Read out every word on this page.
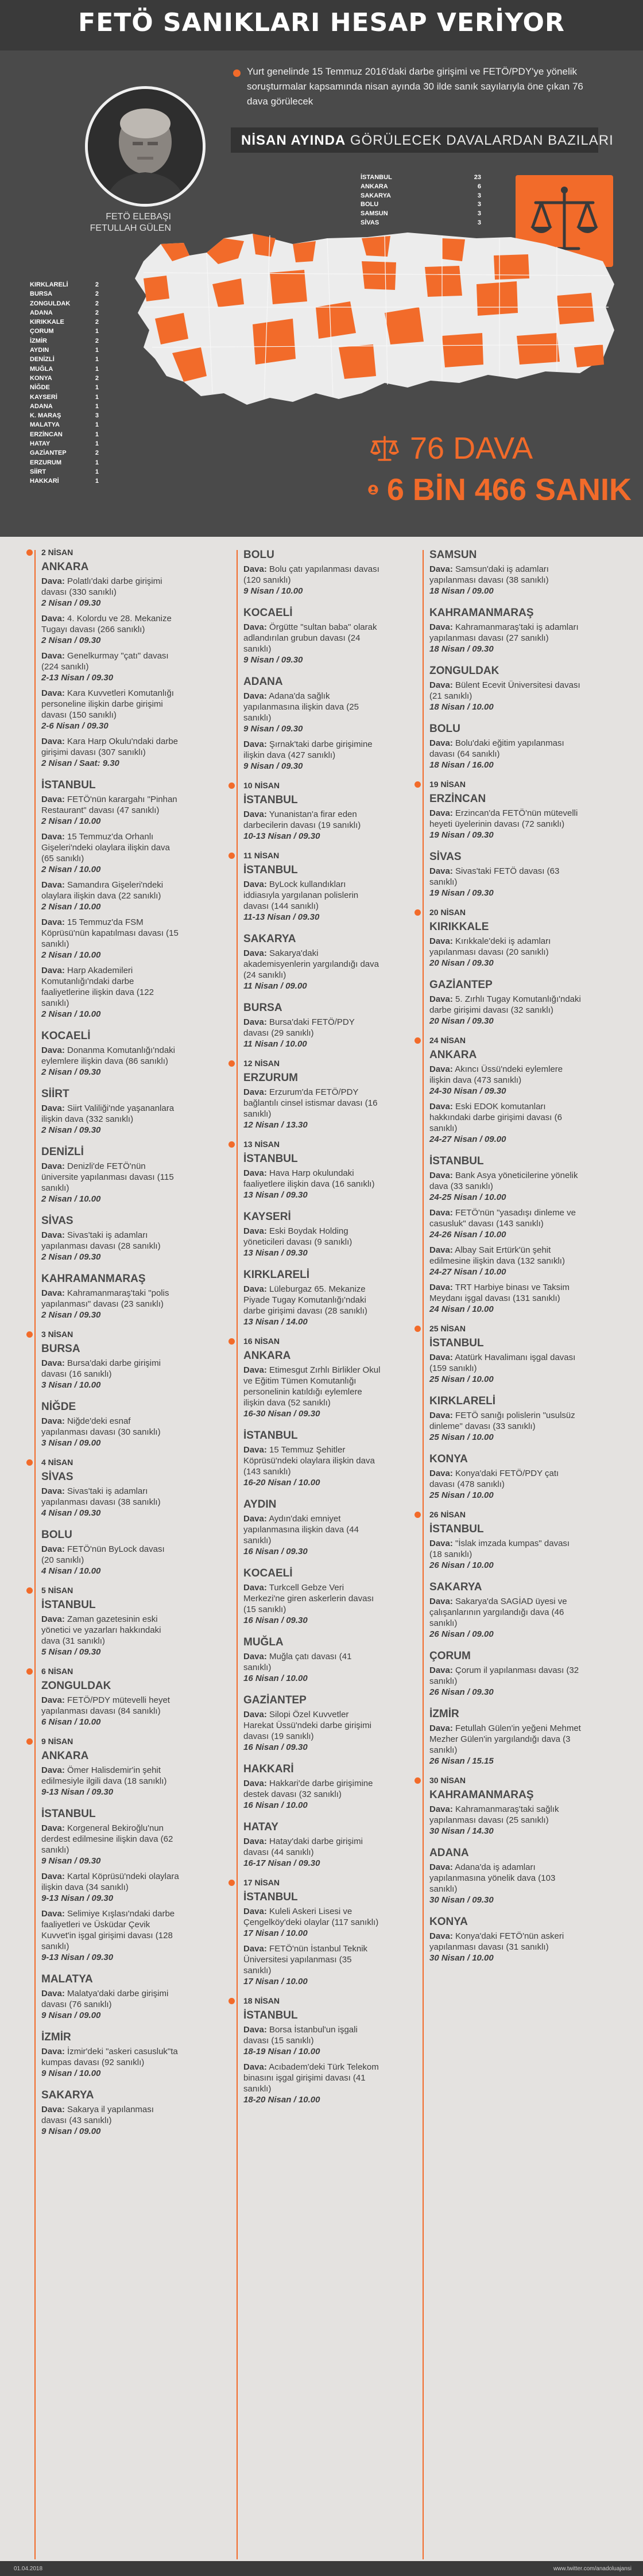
FETÖ SANIKLARI HESAP VERİYOR
FETÖ ELEBAŞI
FETULLAH GÜLEN
Yurt genelinde 15 Temmuz 2016'daki darbe girişimi ve FETÖ/PDY'ye yönelik soruşturmalar kapsamında nisan ayında 30 ilde sanık sayılarıyla öne çıkan 76 dava görülecek
NİSAN AYINDA GÖRÜLECEK DAVALARDAN BAZILARI
İSTANBUL	23
ANKARA	6
SAKARYA	3
BOLU	3
SAMSUN	3
SİVAS	3
KIRKLARELİ	2
BURSA	2
ZONGULDAK	2
ADANA	2
KIRIKKALE	2
ÇORUM	1
İZMİR	2
AYDIN	1
DENİZLİ	1
MUĞLA	1
KONYA	2
NİĞDE	1
KAYSERİ	1
ADANA	1
K. MARAŞ	3
MALATYA	1
ERZİNCAN	1
HATAY	1
GAZİANTEP	2
ERZURUM	1
SİİRT	1
HAKKARİ	1
76 DAVA
6 BİN 466 SANIK
2 NİSAN
ANKARA
Dava: Polatlı'daki darbe girişimi davası (330 sanıklı)
2 Nisan / 09.30
Dava: 4. Kolordu ve 28. Mekanize Tugayı davası (266 sanıklı)
2 Nisan / 09.30
Dava: Genelkurmay "çatı" davası (224 sanıklı)
2-13 Nisan / 09.30
Dava: Kara Kuvvetleri Komutanlığı personeline ilişkin darbe girişimi davası (150 sanıklı)
2-6 Nisan / 09.30
Dava: Kara Harp Okulu'ndaki darbe girişimi davası (307 sanıklı)
2 Nisan / Saat: 9.30
İSTANBUL
Dava: FETÖ'nün karargahı "Pinhan Restaurant" davası (47 sanıklı)
2 Nisan / 10.00
Dava: 15 Temmuz'da Orhanlı Gişeleri'ndeki olaylara ilişkin dava (65 sanıklı)
2 Nisan / 10.00
Dava: Samandıra Gişeleri'ndeki olaylara ilişkin dava (22 sanıklı)
2 Nisan / 10.00
Dava: 15 Temmuz'da FSM Köprüsü'nün kapatılması davası (15 sanıklı)
2 Nisan / 10.00
Dava: Harp Akademileri Komutanlığı'ndaki darbe faaliyetlerine ilişkin dava (122 sanıklı)
2 Nisan / 10.00
KOCAELİ
Dava: Donanma Komutanlığı'ndaki eylemlere ilişkin dava (86 sanıklı)
2 Nisan / 09.30
SİİRT
Dava: Siirt Valiliği'nde yaşananlara ilişkin dava (332 sanıklı)
2 Nisan / 09.30
DENİZLİ
Dava: Denizli'de FETÖ'nün üniversite yapılanması davası (115 sanıklı)
2 Nisan / 10.00
SİVAS
Dava: Sivas'taki iş adamları yapılanması davası (28 sanıklı)
2 Nisan / 09.30
KAHRAMANMARAŞ
Dava: Kahramanmaraş'taki "polis yapılanması" davası (23 sanıklı)
2 Nisan / 09.30
3 NİSAN
BURSA
Dava: Bursa'daki darbe girişimi davası (16 sanıklı)
3 Nisan / 10.00
NİĞDE
Dava: Niğde'deki esnaf yapılanması davası (30 sanıklı)
3 Nisan / 09.00
4 NİSAN
SİVAS
Dava: Sivas'taki iş adamları yapılanması davası (38 sanıklı)
4 Nisan / 09.30
BOLU
Dava: FETÖ'nün ByLock davası (20 sanıklı)
4 Nisan / 10.00
5 NİSAN
İSTANBUL
Dava: Zaman gazetesinin eski yönetici ve yazarları hakkındaki dava (31 sanıklı)
5 Nisan / 09.30
6 NİSAN
ZONGULDAK
Dava: FETÖ/PDY mütevelli heyet yapılanması davası (84 sanıklı)
6 Nisan / 10.00
9 NİSAN
ANKARA
Dava: Ömer Halisdemir'in şehit edilmesiyle ilgili dava (18 sanıklı)
9-13 Nisan / 09.30
İSTANBUL
Dava: Korgeneral Bekiroğlu'nun derdest edilmesine ilişkin dava (62 sanıklı)
9 Nisan / 09.30
Dava: Kartal Köprüsü'ndeki olaylara ilişkin dava (34 sanıklı)
9-13 Nisan / 09.30
Dava: Selimiye Kışlası'ndaki darbe faaliyetleri ve Üsküdar Çevik Kuvvet'in işgal girişimi davası (128 sanıklı)
9-13 Nisan / 09.30
MALATYA
Dava: Malatya'daki darbe girişimi davası (76 sanıklı)
9 Nisan / 09.00
İZMİR
Dava: İzmir'deki "askeri casusluk"ta kumpas davası (92 sanıklı)
9 Nisan / 10.00
SAKARYA
Dava: Sakarya il yapılanması davası (43 sanıklı)
9 Nisan / 09.00
BOLU
Dava: Bolu çatı yapılanması davası (120 sanıklı)
9 Nisan / 10.00
KOCAELİ
Dava: Örgütte "sultan baba" olarak adlandırılan grubun davası (24 sanıklı)
9 Nisan / 09.30
ADANA
Dava: Adana'da sağlık yapılanmasına ilişkin dava (25 sanıklı)
9 Nisan / 09.30
Dava: Şırnak'taki darbe girişimine ilişkin dava (427 sanıklı)
9 Nisan / 09.30
10 NİSAN
İSTANBUL
Dava: Yunanistan'a firar eden darbecilerin davası (19 sanıklı)
10-13 Nisan / 09.30
11 NİSAN
İSTANBUL
Dava: ByLock kullandıkları iddiasıyla yargılanan polislerin davası (144 sanıklı)
11-13 Nisan / 09.30
SAKARYA
Dava: Sakarya'daki akademisyenlerin yargılandığı dava (24 sanıklı)
11 Nisan / 09.00
BURSA
Dava: Bursa'daki FETÖ/PDY davası (29 sanıklı)
11 Nisan / 10.00
12 NİSAN
ERZURUM
Dava: Erzurum'da FETÖ/PDY bağlantılı cinsel istismar davası (16 sanıklı)
12 Nisan / 13.30
13 NİSAN
İSTANBUL
Dava: Hava Harp okulundaki faaliyetlere ilişkin dava (16 sanıklı)
13 Nisan / 09.30
KAYSERİ
Dava: Eski Boydak Holding yöneticileri davası (9 sanıklı)
13 Nisan / 09.30
KIRKLARELİ
Dava: Lüleburgaz 65. Mekanize Piyade Tugay Komutanlığı'ndaki darbe girişimi davası (28 sanıklı)
13 Nisan / 14.00
16 NİSAN
ANKARA
Dava: Etimesgut Zırhlı Birlikler Okul ve Eğitim Tümen Komutanlığı personelinin katıldığı eylemlere ilişkin dava (52 sanıklı)
16-30 Nisan / 09.30
İSTANBUL
Dava: 15 Temmuz Şehitler Köprüsü'ndeki olaylara ilişkin dava (143 sanıklı)
16-20 Nisan / 10.00
AYDIN
Dava: Aydın'daki emniyet yapılanmasına ilişkin dava (44 sanıklı)
16 Nisan / 09.30
KOCAELİ
Dava: Turkcell Gebze Veri Merkezi'ne giren askerlerin davası (15 sanıklı)
16 Nisan / 09.30
MUĞLA
Dava: Muğla çatı davası (41 sanıklı)
16 Nisan / 10.00
GAZİANTEP
Dava: Silopi Özel Kuvvetler Harekat Üssü'ndeki darbe girişimi davası (19 sanıklı)
16 Nisan / 09.30
HAKKARİ
Dava: Hakkari'de darbe girişimine destek davası (32 sanıklı)
16 Nisan / 10.00
HATAY
Dava: Hatay'daki darbe girişimi davası (44 sanıklı)
16-17 Nisan / 09.30
17 NİSAN
İSTANBUL
Dava: Kuleli Askeri Lisesi ve Çengelköy'deki olaylar (117 sanıklı)
17 Nisan / 10.00
Dava: FETÖ'nün İstanbul Teknik Üniversitesi yapılanması (35 sanıklı)
17 Nisan / 10.00
18 NİSAN
İSTANBUL
Dava: Borsa İstanbul'un işgali davası (15 sanıklı)
18-19 Nisan / 10.00
Dava: Acıbadem'deki Türk Telekom binasını işgal girişimi davası (41 sanıklı)
18-20 Nisan / 10.00
SAMSUN
Dava: Samsun'daki iş adamları yapılanması davası (38 sanıklı)
18 Nisan / 09.00
KAHRAMANMARAŞ
Dava: Kahramanmaraş'taki iş adamları yapılanması davası (27 sanıklı)
18 Nisan / 09.30
ZONGULDAK
Dava: Bülent Ecevit Üniversitesi davası (21 sanıklı)
18 Nisan / 10.00
BOLU
Dava: Bolu'daki eğitim yapılanması davası (64 sanıklı)
18 Nisan / 16.00
19 NİSAN
ERZİNCAN
Dava: Erzincan'da FETÖ'nün mütevelli heyeti üyelerinin davası (72 sanıklı)
19 Nisan / 09.30
SİVAS
Dava: Sivas'taki FETÖ davası (63 sanıklı)
19 Nisan / 09.30
20 NİSAN
KIRIKKALE
Dava: Kırıkkale'deki iş adamları yapılanması davası (20 sanıklı)
20 Nisan / 09.30
GAZİANTEP
Dava: 5. Zırhlı Tugay Komutanlığı'ndaki darbe girişimi davası (32 sanıklı)
20 Nisan / 09.30
24 NİSAN
ANKARA
Dava: Akıncı Üssü'ndeki eylemlere ilişkin dava (473 sanıklı)
24-30 Nisan / 09.30
Dava: Eski EDOK komutanları hakkındaki darbe girişimi davası (6 sanıklı)
24-27 Nisan / 09.00
İSTANBUL
Dava: Bank Asya yöneticilerine yönelik dava (33 sanıklı)
24-25 Nisan / 10.00
Dava: FETÖ'nün "yasadışı dinleme ve casusluk" davası (143 sanıklı)
24-26 Nisan / 10.00
Dava: Albay Sait Ertürk'ün şehit edilmesine ilişkin dava (132 sanıklı)
24-27 Nisan / 10.00
Dava: TRT Harbiye binası ve Taksim Meydanı işgal davası (131 sanıklı)
24 Nisan / 10.00
25 NİSAN
İSTANBUL
Dava: Atatürk Havalimanı işgal davası (159 sanıklı)
25 Nisan / 10.00
KIRKLARELİ
Dava: FETÖ sanığı polislerin "usulsüz dinleme" davası (33 sanıklı)
25 Nisan / 10.00
KONYA
Dava: Konya'daki FETÖ/PDY çatı davası (478 sanıklı)
25 Nisan / 10.00
26 NİSAN
İSTANBUL
Dava: "İslak imzada kumpas" davası (18 sanıklı)
26 Nisan / 10.00
SAKARYA
Dava: Sakarya'da SAGİAD üyesi ve çalışanlarının yargılandığı dava (46 sanıklı)
26 Nisan / 09.00
ÇORUM
Dava: Çorum il yapılanması davası (32 sanıklı)
26 Nisan / 09.30
İZMİR
Dava: Fetullah Gülen'in yeğeni Mehmet Mezher Gülen'in yargılandığı dava (3 sanıklı)
26 Nisan / 15.15
30 NİSAN
KAHRAMANMARAŞ
Dava: Kahramanmaraş'taki sağlık yapılanması davası (25 sanıklı)
30 Nisan / 14.30
ADANA
Dava: Adana'da iş adamları yapılanmasına yönelik dava (103 sanıklı)
30 Nisan / 09.30
KONYA
Dava: Konya'daki FETÖ'nün askeri yapılanması davası (31 sanıklı)
30 Nisan / 10.00
01.04.2018	www.twitter.com/anadoluajansi
